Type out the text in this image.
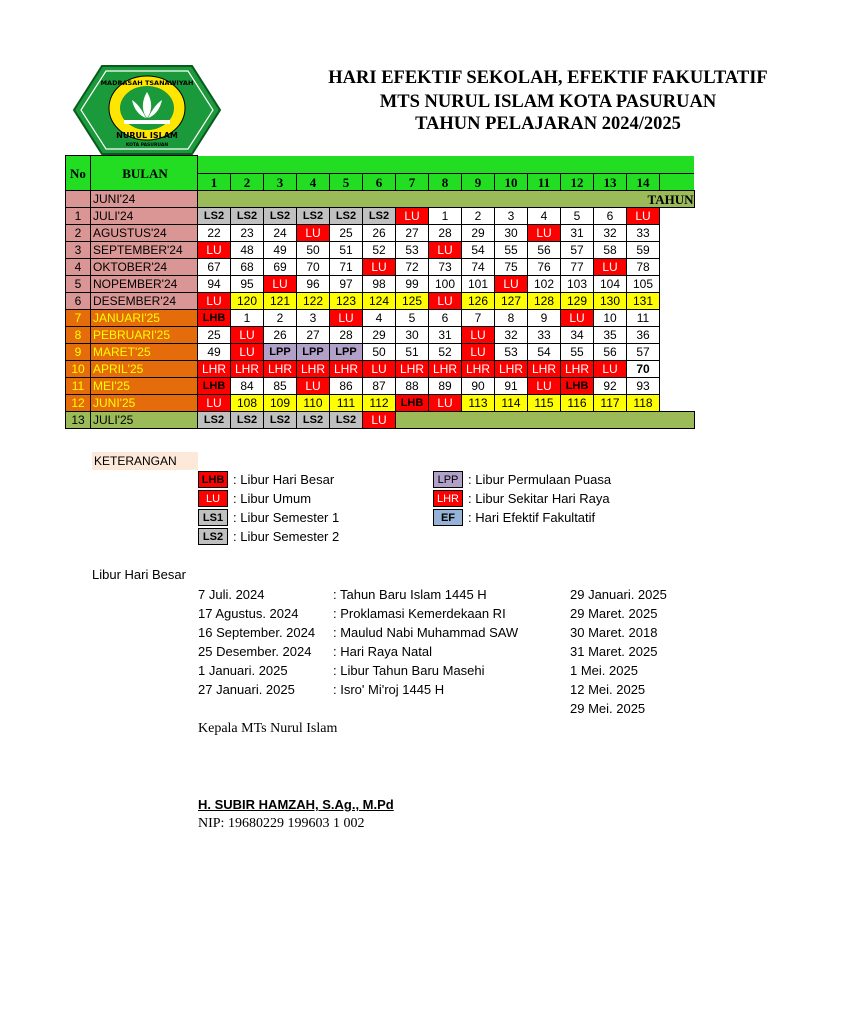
MADRASAH TSANAWIYAH
NURUL ISLAM
KOTA PASURUAN
HARI EFEKTIF SEKOLAH, EFEKTIF FAKULTATIF
MTS NURUL ISLAM KOTA PASURUAN
TAHUN PELAJARAN 2024/2025
No	BULAN															
		1	2	3	4	5	6	7	8	9	10	11	12	13	14	
	JUNI'24	TAHUN														
1	JULI'24	LS2	LS2	LS2	LS2	LS2	LS2	LU	1	2	3	4	5	6	LU	
2	AGUSTUS'24	22	23	24	LU	25	26	27	28	29	30	LU	31	32	33	
3	SEPTEMBER'24	LU	48	49	50	51	52	53	LU	54	55	56	57	58	59	
4	OKTOBER'24	67	68	69	70	71	LU	72	73	74	75	76	77	LU	78	
5	NOPEMBER'24	94	95	LU	96	97	98	99	100	101	LU	102	103	104	105	
6	DESEMBER'24	LU	120	121	122	123	124	125	LU	126	127	128	129	130	131	
7	JANUARI'25	LHB	1	2	3	LU	4	5	6	7	8	9	LU	10	11	
8	PEBRUARI'25	25	LU	26	27	28	29	30	31	LU	32	33	34	35	36	
9	MARET'25	49	LU	LPP	LPP	LPP	50	51	52	LU	53	54	55	56	57	
10	APRIL'25	LHR	LHR	LHR	LHR	LHR	LU	LHR	LHR	LHR	LHR	LHR	LHR	LU	70	
11	MEI'25	LHB	84	85	LU	86	87	88	89	90	91	LU	LHB	92	93	
12	JUNI'25	LU	108	109	110	111	112	LHB	LU	113	114	115	116	117	118	
13	JULI'25	LS2	LS2	LS2	LS2	LS2	LU									
KETERANGAN
LHB : Libur Hari Besar
LU : Libur Umum
LS1 : Libur Semester 1
LS2 : Libur Semester 2
LPP : Libur Permulaan Puasa
LHR : Libur Sekitar Hari Raya
EF : Hari Efektif Fakultatif
Libur Hari Besar
7 Juli. 2024	: Tahun Baru Islam 1445 H	29 Januari. 2025
17 Agustus. 2024	: Proklamasi Kemerdekaan RI	29 Maret. 2025
16 September. 2024 : Maulud Nabi Muhammad SAW	30 Maret. 2018
25 Desember. 2024 : Hari Raya Natal	31 Maret. 2025
1 Januari. 2025	: Libur Tahun Baru Masehi	1 Mei. 2025
27 Januari. 2025	: Isro' Mi'roj 1445 H	12 Mei. 2025
29 Mei. 2025
Kepala MTs Nurul Islam
H. SUBIR HAMZAH, S.Ag., M.Pd
NIP: 19680229 199603 1 002
